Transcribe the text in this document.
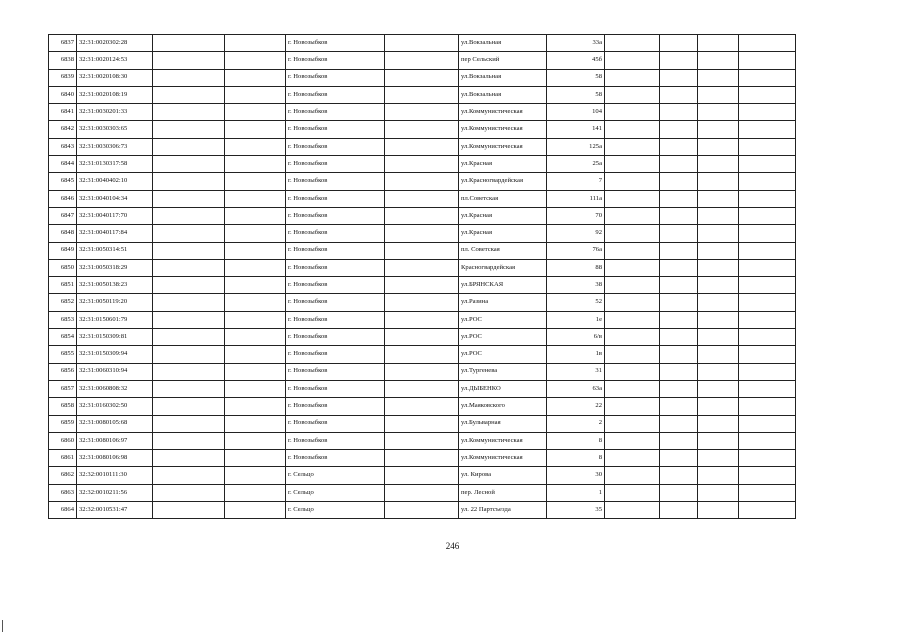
6837	32:31:0020302:28			г. Новозыбков		ул.Вокзальная	33а				
6838	32:31:0020124:53			г. Новозыбков		пер Сельский	45б				
6839	32:31:0020108:30			г. Новозыбков		ул.Вокзальная	58				
6840	32:31:0020108:19			г. Новозыбков		ул.Вокзальная	58				
6841	32:31:0030201:33			г. Новозыбков		ул.Коммунистическая	104				
6842	32:31:0030303:65			г. Новозыбков		ул.Коммунистическая	141				
6843	32:31:0030306:73			г. Новозыбков		ул.Коммунистическая	125а				
6844	32:31:0130317:58			г. Новозыбков		ул.Красная	25а				
6845	32:31:0040402:10			г. Новозыбков		ул.Красногвардейская	7				
6846	32:31:0040104:34			г. Новозыбков		пл.Советская	111а				
6847	32:31:0040117:70			г. Новозыбков		ул.Красная	70				
6848	32:31:0040117:84			г. Новозыбков		ул.Красная	92				
6849	32:31:0050314:51			г. Новозыбков		пл. Советская	76а				
6850	32:31:0050318:29			г. Новозыбков		Красногвардейская	88				
6851	32:31:0050138:23			г. Новозыбков		ул.БРЯНСКАЯ	38				
6852	32:31:0050119:20			г. Новозыбков		ул.Разина	52				
6853	32:31:0150601:79			г. Новозыбков		ул.РОС	1е				
6854	32:31:0150309:81			г. Новозыбков		ул.РОС	6/в				
6855	32:31:0150309:94			г. Новозыбков		ул.РОС	1в				
6856	32:31:0060310:94			г. Новозыбков		ул.Тургенева	31				
6857	32:31:0060808:32			г. Новозыбков		ул.ДЫБЕНКО	63а				
6858	32:31:0160302:50			г. Новозыбков		ул.Маяковского	22				
6859	32:31:0080105:68			г. Новозыбков		ул.Бульварная	2				
6860	32:31:0080106:97			г. Новозыбков		ул.Коммунистическая	8				
6861	32:31:0080106:98			г. Новозыбков		ул.Коммунистическая	8				
6862	32:32:0010111:30			г. Сельцо		ул. Кирова	30				
6863	32:32:0010211:56			г. Сельцо		пер. Лесной	1				
6864	32:32:0010531:47			г. Сельцо		ул. 22 Партсъезда	35				
246
